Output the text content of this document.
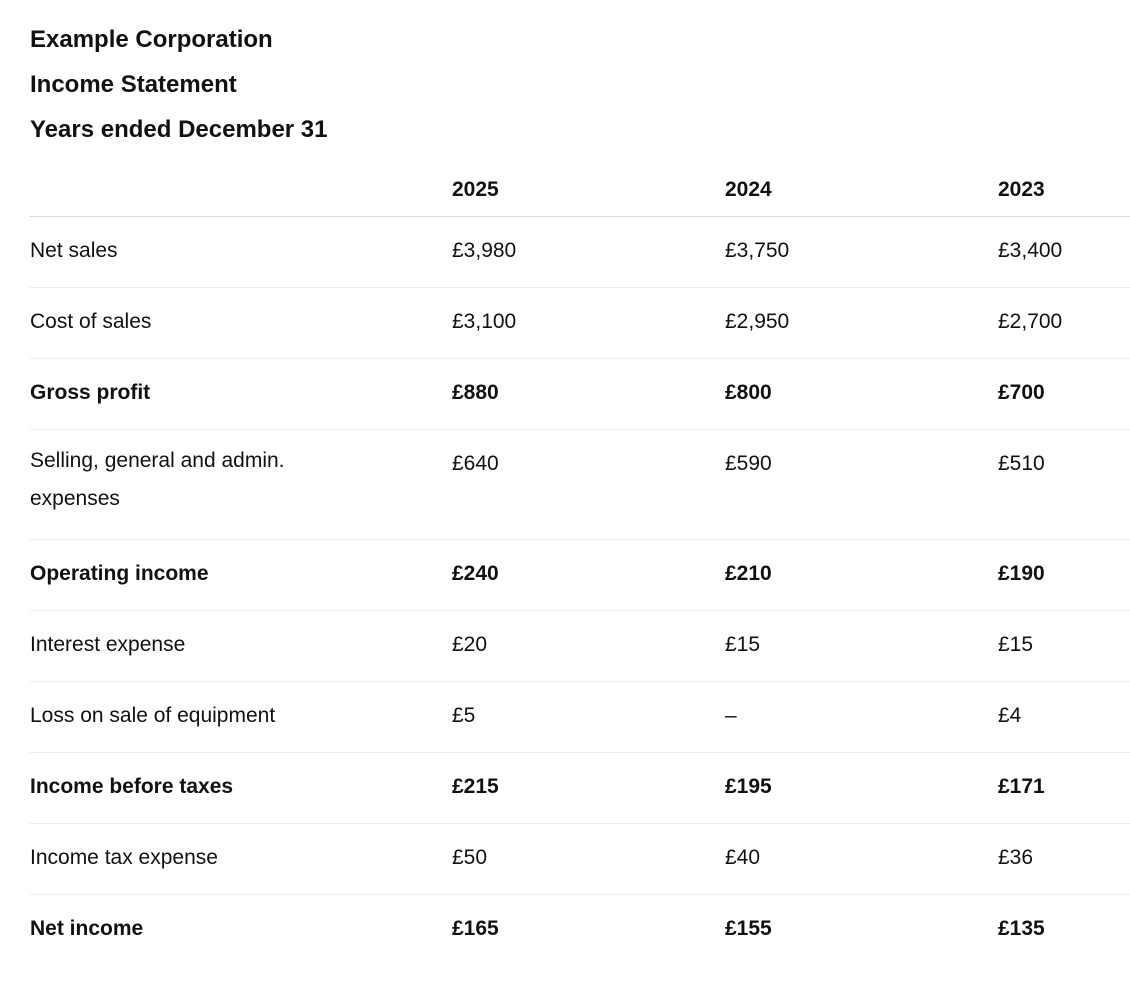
Example Corporation
Income Statement
Years ended December 31
	2025	2024	2023
Net sales	£3,980	£3,750	£3,400
Cost of sales	£3,100	£2,950	£2,700
Gross profit	£880	£800	£700
Selling, general and admin. expenses	£640	£590	£510
Operating income	£240	£210	£190
Interest expense	£20	£15	£15
Loss on sale of equipment	£5	–	£4
Income before taxes	£215	£195	£171
Income tax expense	£50	£40	£36
Net income	£165	£155	£135
